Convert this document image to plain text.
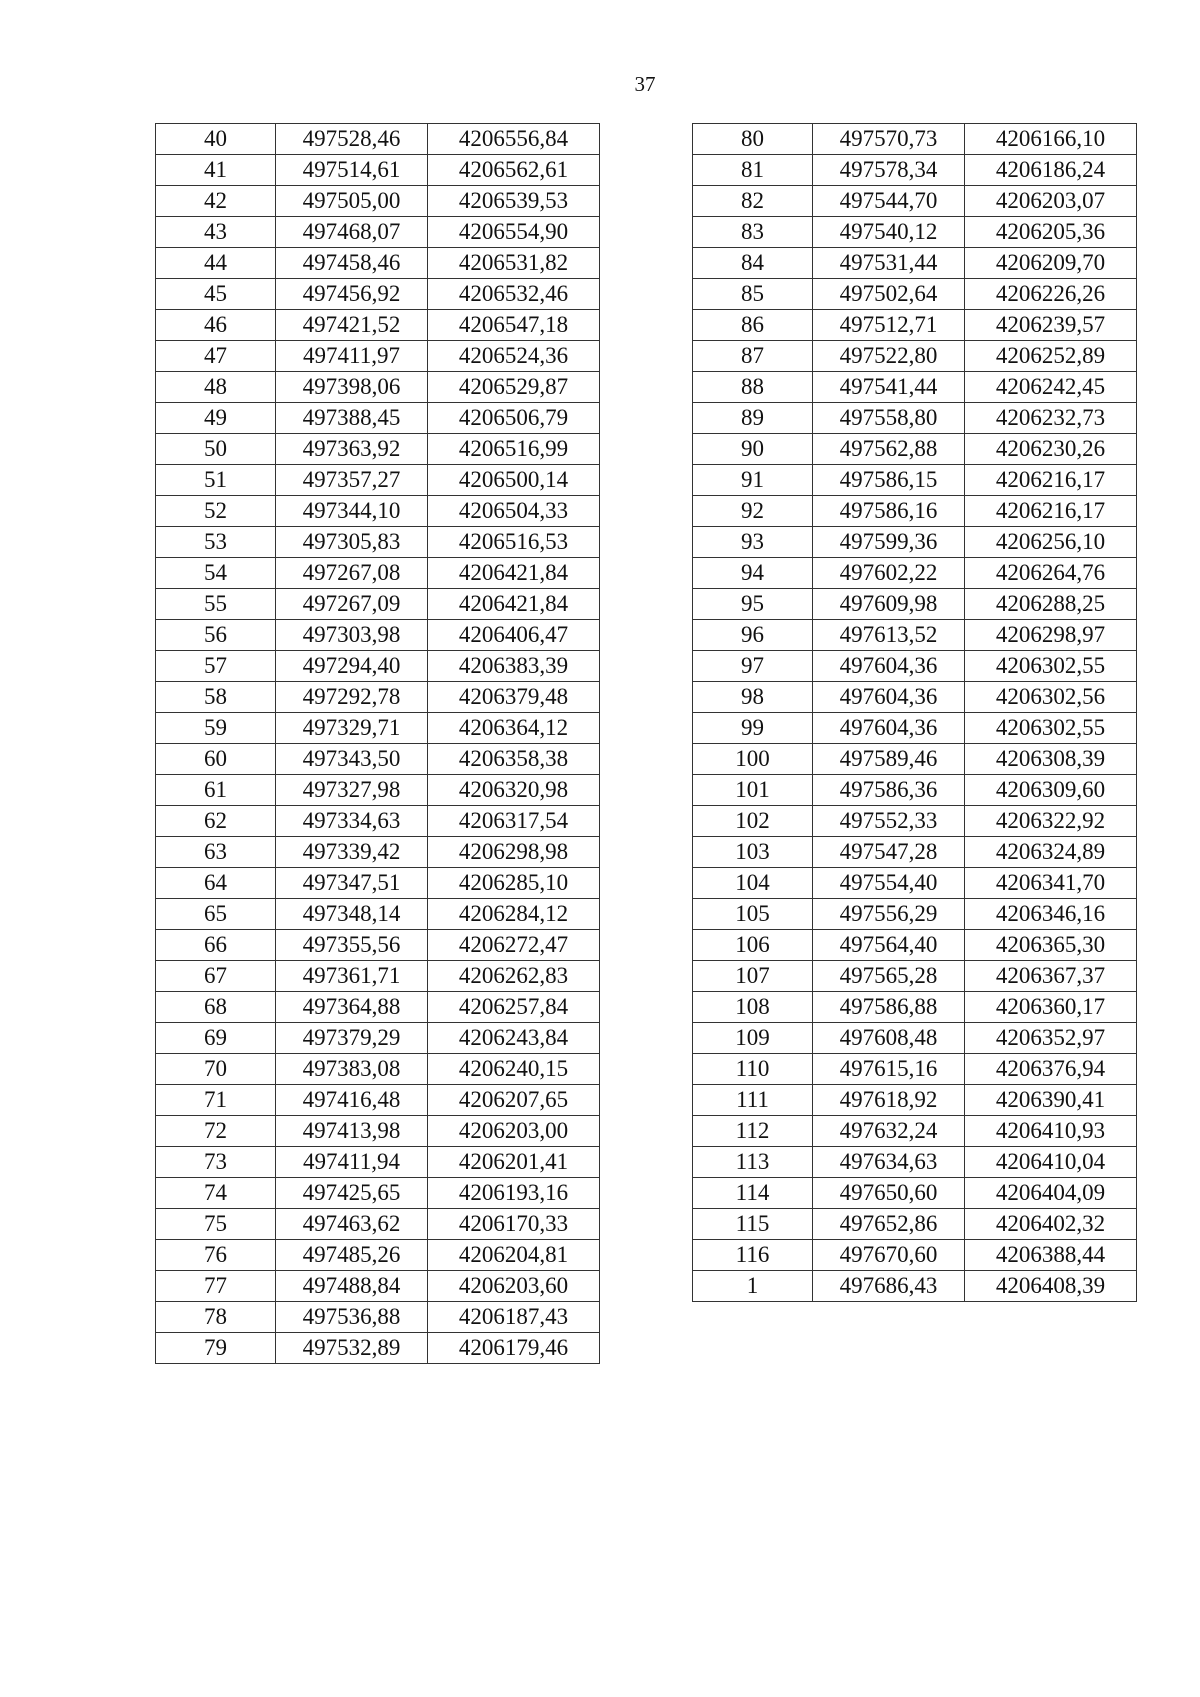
37
40	497528,46	4206556,84
41	497514,61	4206562,61
42	497505,00	4206539,53
43	497468,07	4206554,90
44	497458,46	4206531,82
45	497456,92	4206532,46
46	497421,52	4206547,18
47	497411,97	4206524,36
48	497398,06	4206529,87
49	497388,45	4206506,79
50	497363,92	4206516,99
51	497357,27	4206500,14
52	497344,10	4206504,33
53	497305,83	4206516,53
54	497267,08	4206421,84
55	497267,09	4206421,84
56	497303,98	4206406,47
57	497294,40	4206383,39
58	497292,78	4206379,48
59	497329,71	4206364,12
60	497343,50	4206358,38
61	497327,98	4206320,98
62	497334,63	4206317,54
63	497339,42	4206298,98
64	497347,51	4206285,10
65	497348,14	4206284,12
66	497355,56	4206272,47
67	497361,71	4206262,83
68	497364,88	4206257,84
69	497379,29	4206243,84
70	497383,08	4206240,15
71	497416,48	4206207,65
72	497413,98	4206203,00
73	497411,94	4206201,41
74	497425,65	4206193,16
75	497463,62	4206170,33
76	497485,26	4206204,81
77	497488,84	4206203,60
78	497536,88	4206187,43
79	497532,89	4206179,46
80	497570,73	4206166,10
81	497578,34	4206186,24
82	497544,70	4206203,07
83	497540,12	4206205,36
84	497531,44	4206209,70
85	497502,64	4206226,26
86	497512,71	4206239,57
87	497522,80	4206252,89
88	497541,44	4206242,45
89	497558,80	4206232,73
90	497562,88	4206230,26
91	497586,15	4206216,17
92	497586,16	4206216,17
93	497599,36	4206256,10
94	497602,22	4206264,76
95	497609,98	4206288,25
96	497613,52	4206298,97
97	497604,36	4206302,55
98	497604,36	4206302,56
99	497604,36	4206302,55
100	497589,46	4206308,39
101	497586,36	4206309,60
102	497552,33	4206322,92
103	497547,28	4206324,89
104	497554,40	4206341,70
105	497556,29	4206346,16
106	497564,40	4206365,30
107	497565,28	4206367,37
108	497586,88	4206360,17
109	497608,48	4206352,97
110	497615,16	4206376,94
111	497618,92	4206390,41
112	497632,24	4206410,93
113	497634,63	4206410,04
114	497650,60	4206404,09
115	497652,86	4206402,32
116	497670,60	4206388,44
1	497686,43	4206408,39
